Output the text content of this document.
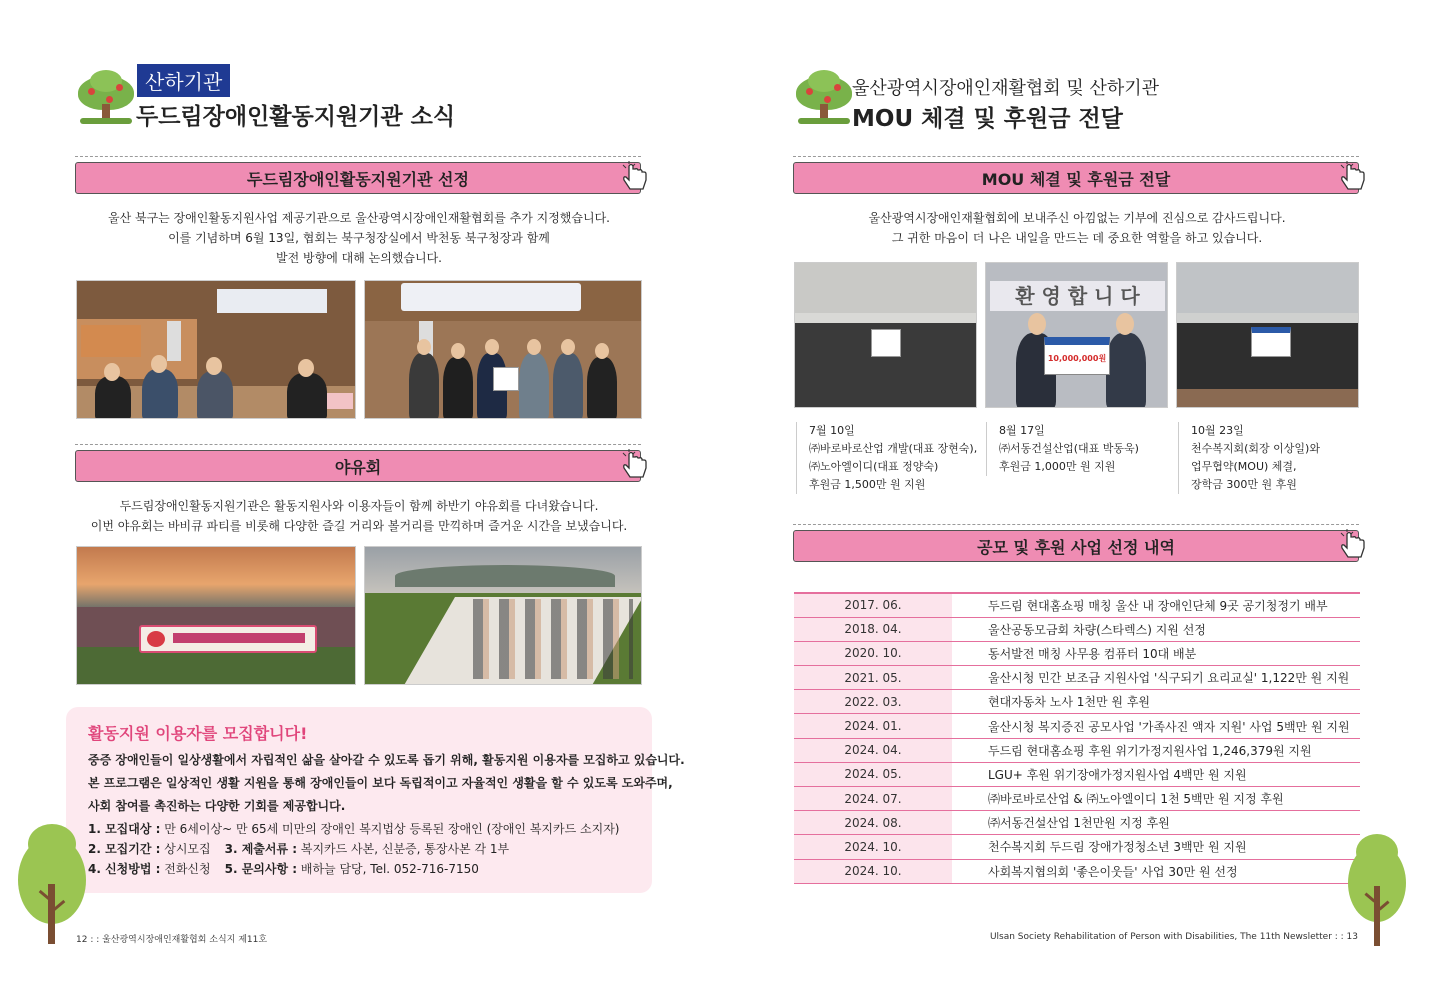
산하기관
두드림장애인활동지원기관 소식
두드림장애인활동지원기관 선정
울산 북구는 장애인활동지원사업 제공기관으로 울산광역시장애인재활협회를 추가 지정했습니다.
이를 기념하며 6월 13일, 협회는 북구청장실에서 박천동 북구청장과 함께
발전 방향에 대해 논의했습니다.
야유회
두드림장애인활동지원기관은 활동지원사와 이용자들이 함께 하반기 야유회를 다녀왔습니다.
이번 야유회는 바비큐 파티를 비롯해 다양한 즐길 거리와 볼거리를 만끽하며 즐거운 시간을 보냈습니다.
활동지원 이용자를 모집합니다!
중증 장애인들이 일상생활에서 자립적인 삶을 살아갈 수 있도록 돕기 위해, 활동지원 이용자를 모집하고 있습니다.
본 프로그램은 일상적인 생활 지원을 통해 장애인들이 보다 독립적이고 자율적인 생활을 할 수 있도록 도와주며,
사회 참여를 촉진하는 다양한 기회를 제공합니다.
1. 모집대상 : 만 6세이상~ 만 65세 미만의 장애인 복지법상 등록된 장애인 (장애인 복지카드 소지자)
2. 모집기간 : 상시모집 3. 제출서류 : 복지카드 사본, 신분증, 통장사본 각 1부
4. 신청방법 : 전화신청 5. 문의사항 : 배하늘 담당, Tel. 052-716-7150
12 : : 울산광역시장애인재활협회 소식지 제11호
울산광역시장애인재활협회 및 산하기관
MOU 체결 및 후원금 전달
MOU 체결 및 후원금 전달
울산광역시장애인재활협회에 보내주신 아낌없는 기부에 진심으로 감사드립니다.
그 귀한 마음이 더 나은 내일을 만드는 데 중요한 역할을 하고 있습니다.
환 영 합 니 다
10,000,000원
7월 10일
㈜바로바로산업 개발(대표 장현숙),
㈜노아엘이디(대표 정양숙)
후원금 1,500만 원 지원
8월 17일
㈜서동건설산업(대표 박동욱)
후원금 1,000만 원 지원
10월 23일
천수복지회(회장 이상일)와
업무협약(MOU) 체결,
장학금 300만 원 후원
공모 및 후원 사업 선정 내역
2017. 06.	두드림 현대홈쇼핑 매칭 울산 내 장애인단체 9곳 공기청정기 배부
2018. 04.	울산공동모금회 차량(스타렉스) 지원 선정
2020. 10.	동서발전 매칭 사무용 컴퓨터 10대 배분
2021. 05.	울산시청 민간 보조금 지원사업 '식구되기 요리교실' 1,122만 원 지원
2022. 03.	현대자동차 노사 1천만 원 후원
2024. 01.	울산시청 복지증진 공모사업 '가족사진 액자 지원' 사업 5백만 원 지원
2024. 04.	두드림 현대홈쇼핑 후원 위기가정지원사업 1,246,379원 지원
2024. 05.	LGU+ 후원 위기장애가정지원사업 4백만 원 지원
2024. 07.	㈜바로바로산업 & ㈜노아엘이디 1천 5백만 원 지정 후원
2024. 08.	㈜서동건설산업 1천만원 지정 후원
2024. 10.	천수복지회 두드림 장애가정청소년 3백만 원 지원
2024. 10.	사회복지협의회 '좋은이웃들' 사업 30만 원 선정
Ulsan Society Rehabilitation of Person with Disabilities, The 11th Newsletter : : 13
